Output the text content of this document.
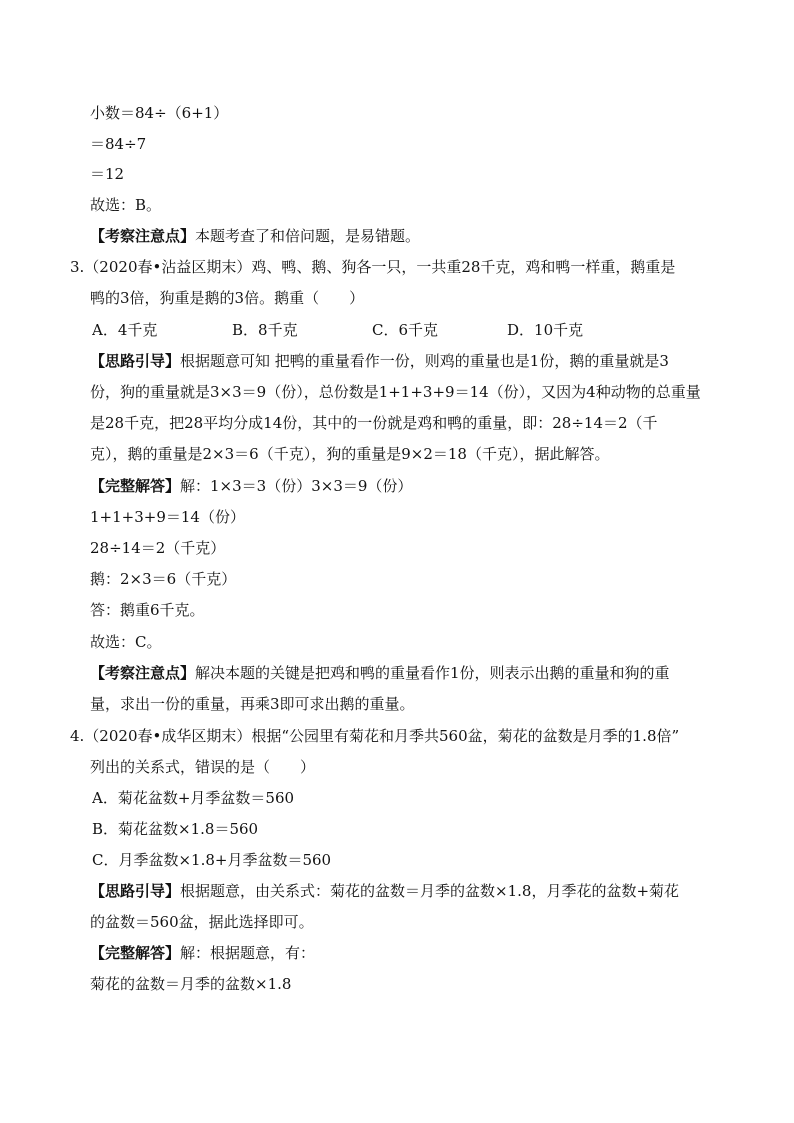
小数＝84÷（6+1）
＝84÷7
＝12
故选：B。
【考察注意点】本题考查了和倍问题，是易错题。
3.（2020春•沾益区期末）鸡、鸭、鹅、狗各一只，一共重28千克，鸡和鸭一样重，鹅重是
鸭的3倍，狗重是鹅的3倍。鹅重（　　）
A．4千克	B．8千克	C．6千克	D．10千克
【思路引导】根据题意可知 把鸭的重量看作一份，则鸡的重量也是1份，鹅的重量就是3
份，狗的重量就是3×3＝9（份），总份数是1+1+3+9＝14（份），又因为4种动物的总重量
是28千克，把28平均分成14份，其中的一份就是鸡和鸭的重量，即：28÷14＝2（千
克），鹅的重量是2×3＝6（千克），狗的重量是9×2＝18（千克），据此解答。
【完整解答】解：1×3＝3（份）3×3＝9（份）
1+1+3+9＝14（份）
28÷14＝2（千克）
鹅：2×3＝6（千克）
答：鹅重6千克。
故选：C。
【考察注意点】解决本题的关键是把鸡和鸭的重量看作1份，则表示出鹅的重量和狗的重
量，求出一份的重量，再乘3即可求出鹅的重量。
4.（2020春•成华区期末）根据“公园里有菊花和月季共560盆，菊花的盆数是月季的1.8倍”
列出的关系式，错误的是（　　）
A．菊花盆数+月季盆数＝560
B．菊花盆数×1.8＝560
C．月季盆数×1.8+月季盆数＝560
【思路引导】根据题意，由关系式：菊花的盆数＝月季的盆数×1.8，月季花的盆数+菊花
的盆数＝560盆，据此选择即可。
【完整解答】解：根据题意，有：
菊花的盆数＝月季的盆数×1.8
